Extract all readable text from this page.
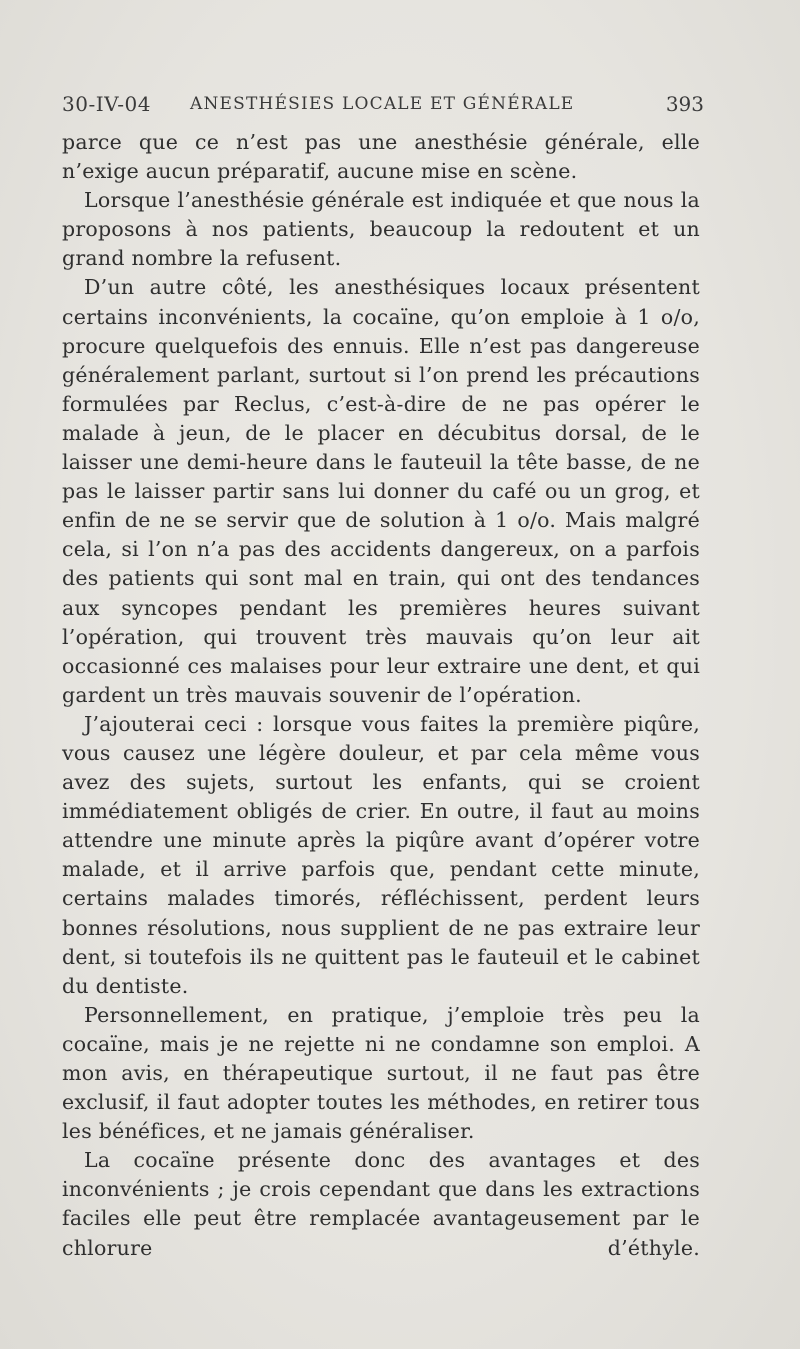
30-IV-04 ANESTHÉSIES LOCALE ET GÉNÉRALE	393

parce que ce n’est pas une anesthésie générale, elle n’exige aucun préparatif, aucune mise en scène.

Lorsque l’anesthésie générale est indiquée et que nous la proposons à nos patients, beaucoup la redoutent et un grand nombre la refusent.

D’un autre côté, les anesthésiques locaux présentent certains inconvénients, la cocaïne, qu’on emploie à 1 o/o, procure quelquefois des ennuis. Elle n’est pas dangereuse généralement parlant, surtout si l’on prend les précautions formulées par Reclus, c’est-à-dire de ne pas opérer le malade à jeun, de le placer en décubitus dorsal, de le laisser une demi-heure dans le fauteuil la tête basse, de ne pas le laisser partir sans lui donner du café ou un grog, et enfin de ne se servir que de solution à 1 o/o. Mais malgré cela, si l’on n’a pas des accidents dangereux, on a parfois des patients qui sont mal en train, qui ont des tendances aux syncopes pendant les premières heures suivant l’opération, qui trouvent très mauvais qu’on leur ait occasionné ces malaises pour leur extraire une dent, et qui gardent un très mauvais souvenir de l’opération.

J’ajouterai ceci : lorsque vous faites la première piqûre, vous causez une légère douleur, et par cela même vous avez des sujets, surtout les enfants, qui se croient immédiatement obligés de crier. En outre, il faut au moins attendre une minute après la piqûre avant d’opérer votre malade, et il arrive parfois que, pendant cette minute, certains malades timorés, réfléchissent, perdent leurs bonnes résolutions, nous supplient de ne pas extraire leur dent, si toutefois ils ne quittent pas le fauteuil et le cabinet du dentiste.

Personnellement, en pratique, j’emploie très peu la cocaïne, mais je ne rejette ni ne condamne son emploi. A mon avis, en thérapeutique surtout, il ne faut pas être exclusif, il faut adopter toutes les méthodes, en retirer tous les bénéfices, et ne jamais généraliser.

La cocaïne présente donc des avantages et des inconvénients ; je crois cependant que dans les extractions faciles elle peut être remplacée avantageusement par le chlorure d’éthyle.
